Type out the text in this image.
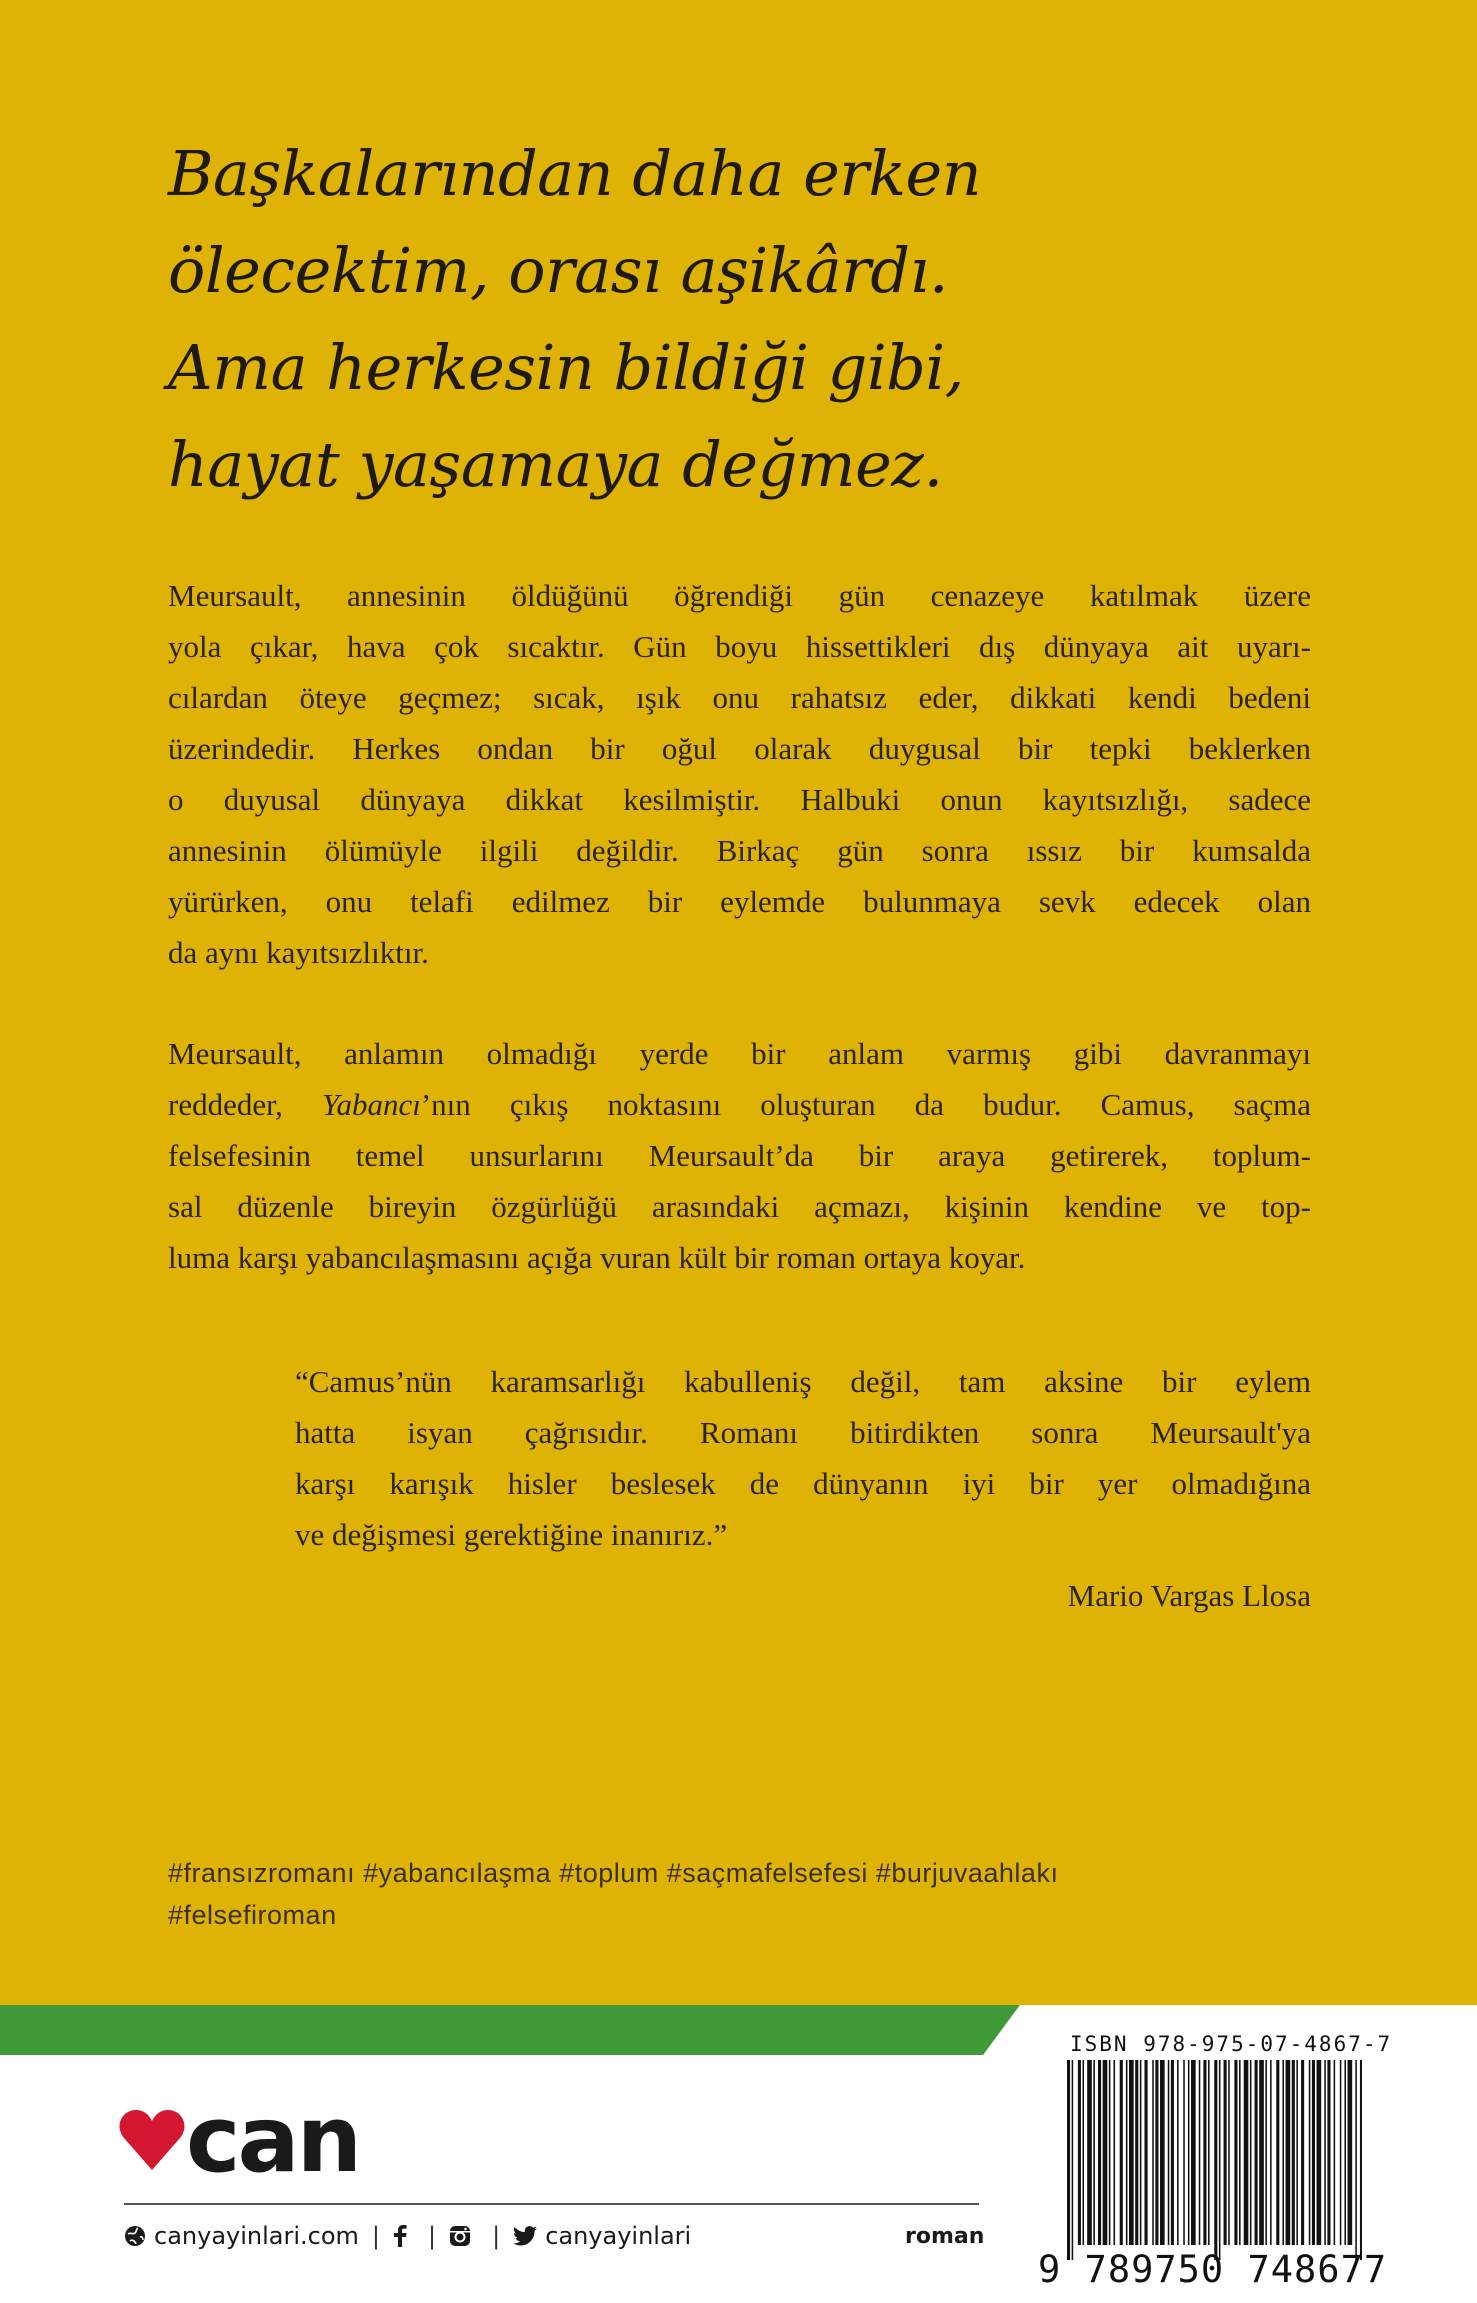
Başkalarından daha erken
ölecektim, orası aşikârdı.
Ama herkesin bildiği gibi,
hayat yaşamaya değmez.
Meursault, annesinin öldüğünü öğrendiği gün cenazeye katılmak üzere
yola çıkar, hava çok sıcaktır. Gün boyu hissettikleri dış dünyaya ait uyarı-
cılardan öteye geçmez; sıcak, ışık onu rahatsız eder, dikkati kendi bedeni
üzerindedir. Herkes ondan bir oğul olarak duygusal bir tepki beklerken
o duyusal dünyaya dikkat kesilmiştir. Halbuki onun kayıtsızlığı, sadece
annesinin ölümüyle ilgili değildir. Birkaç gün sonra ıssız bir kumsalda
yürürken, onu telafi edilmez bir eylemde bulunmaya sevk edecek olan
da aynı kayıtsızlıktır.
Meursault, anlamın olmadığı yerde bir anlam varmış gibi davranmayı
reddeder, Yabancı’nın çıkış noktasını oluşturan da budur. Camus, saçma
felsefesinin temel unsurlarını Meursault’da bir araya getirerek, toplum-
sal düzenle bireyin özgürlüğü arasındaki açmazı, kişinin kendine ve top-
luma karşı yabancılaşmasını açığa vuran kült bir roman ortaya koyar.
“Camus’nün karamsarlığı kabulleniş değil, tam aksine bir eylem
hatta isyan çağrısıdır. Romanı bitirdikten sonra Meursault'ya
karşı karışık hisler beslesek de dünyanın iyi bir yer olmadığına
ve değişmesi gerektiğine inanırız.”
Mario Vargas Llosa
#fransızromanı #yabancılaşma #toplum #saçmafelsefesi #burjuvaahlakı
#felsefiroman
ISBN 978-975-07-4867-7
9 789750 748677
can
canyayinlari.com | | | canyayinlari	roman
